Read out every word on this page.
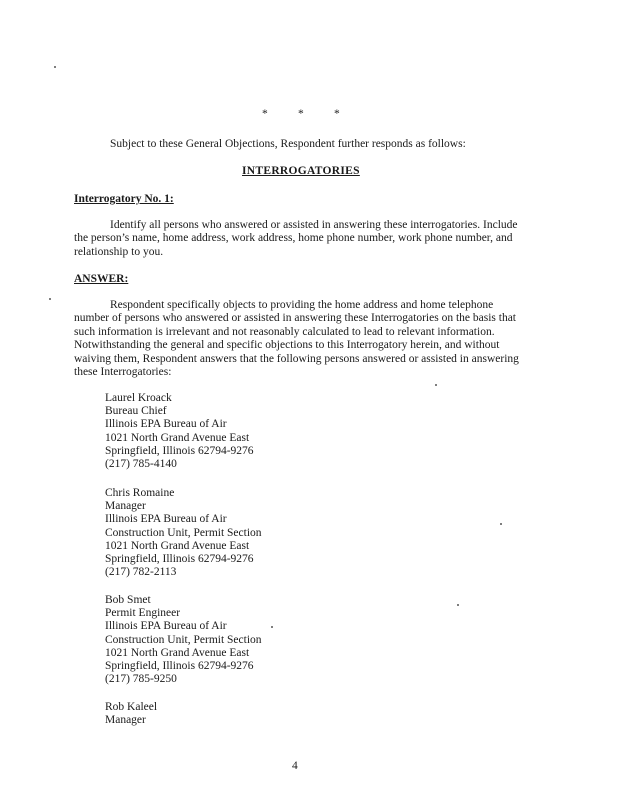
*	*	*
Subject to these General Objections, Respondent further responds as follows:
INTERROGATORIES
Interrogatory No. 1:

Identify all persons who answered or assisted in answering these interrogatories. Include the person’s name, home address, work address, home phone number, work phone number, and relationship to you.

ANSWER:

Respondent specifically objects to providing the home address and home telephone number of persons who answered or assisted in answering these Interrogatories on the basis that such information is irrelevant and not reasonably calculated to lead to relevant information. Notwithstanding the general and specific objections to this Interrogatory herein, and without waiving them, Respondent answers that the following persons answered or assisted in answering these Interrogatories:

Laurel Kroack
Bureau Chief
Illinois EPA Bureau of Air
1021 North Grand Avenue East
Springfield, Illinois 62794-9276
(217) 785-4140
Chris Romaine
Manager
Illinois EPA Bureau of Air
Construction Unit, Permit Section
1021 North Grand Avenue East
Springfield, Illinois 62794-9276
(217) 782-2113
Bob Smet
Permit Engineer
Illinois EPA Bureau of Air
Construction Unit, Permit Section
1021 North Grand Avenue East
Springfield, Illinois 62794-9276
(217) 785-9250
Rob Kaleel
Manager
4
